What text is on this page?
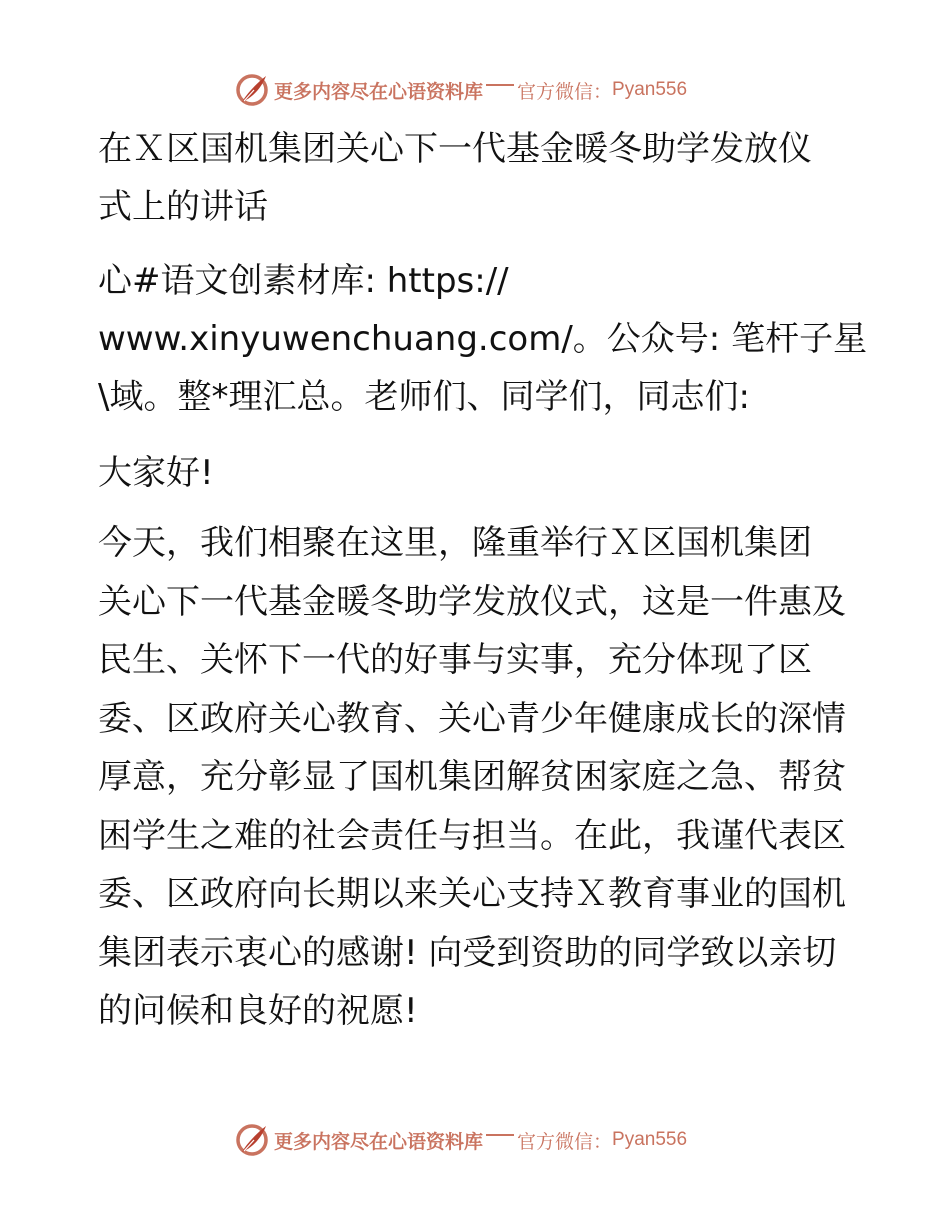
更多内容尽在心语资料库 官方微信： Pyan556
在Ｘ区国机集团关心下一代基金暖冬助学发放仪
式上的讲话
心#语文创素材库: https://
www.xinyuwenchuang.com/。公众号: 笔杆子星
\域。整*理汇总。老师们、同学们，同志们:
大家好!
今天，我们相聚在这里，隆重举行Ｘ区国机集团
关心下一代基金暖冬助学发放仪式，这是一件惠及
民生、关怀下一代的好事与实事，充分体现了区
委、区政府关心教育、关心青少年健康成长的深情
厚意，充分彰显了国机集团解贫困家庭之急、帮贫
困学生之难的社会责任与担当。在此，我谨代表区
委、区政府向长期以来关心支持Ｘ教育事业的国机
集团表示衷心的感谢! 向受到资助的同学致以亲切
的问候和良好的祝愿!
更多内容尽在心语资料库 官方微信： Pyan556
